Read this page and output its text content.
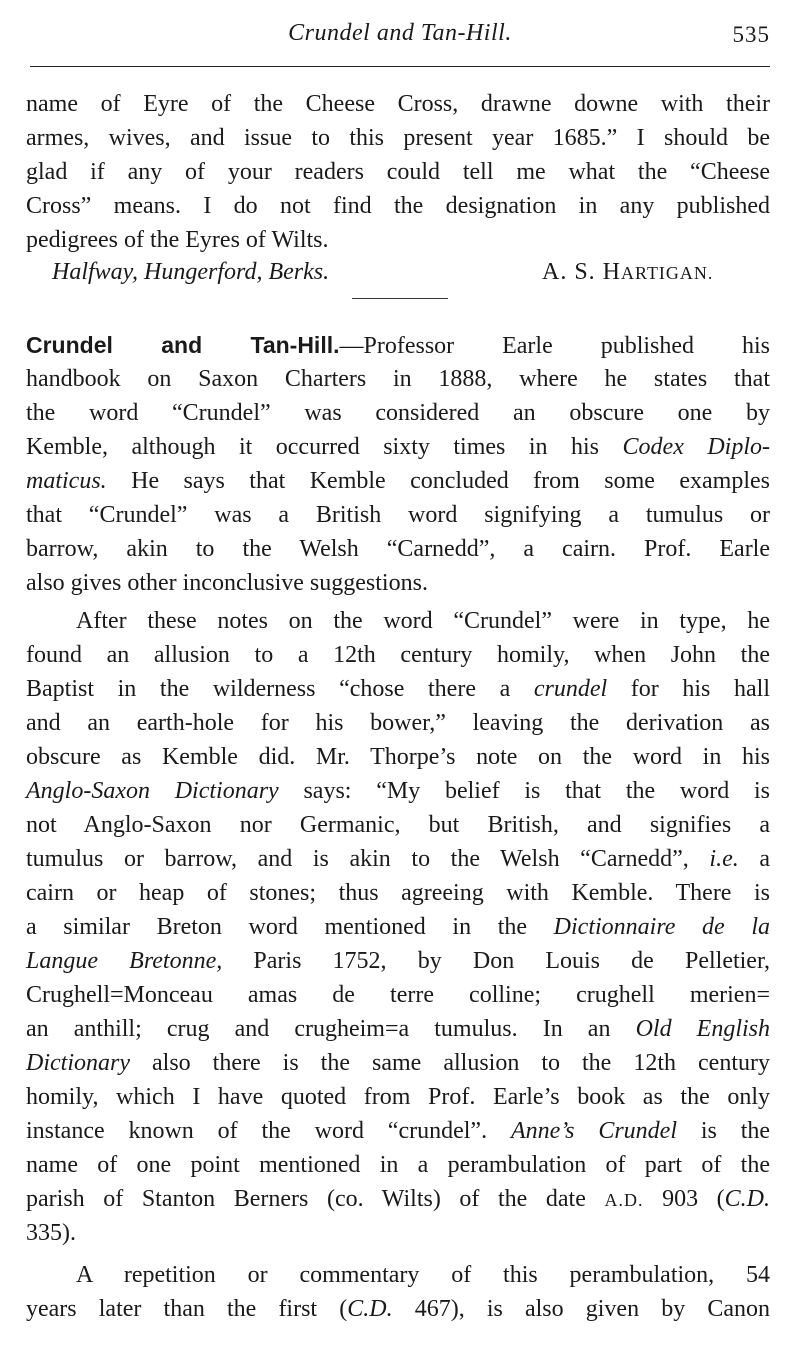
Crundel and Tan-Hill.	535
name of Eyre of the Cheese Cross, drawne downe with their
armes, wives, and issue to this present year 1685.” I should be
glad if any of your readers could tell me what the “Cheese
Cross” means. I do not find the designation in any published
pedigrees of the Eyres of Wilts.
Halfway, Hungerford, Berks.	A. S. HARTIGAN.
Crundel and Tan-Hill.—Professor Earle published his
handbook on Saxon Charters in 1888, where he states that
the word “Crundel” was considered an obscure one by
Kemble, although it occurred sixty times in his Codex Diplo-
maticus. He says that Kemble concluded from some examples
that “Crundel” was a British word signifying a tumulus or
barrow, akin to the Welsh “Carnedd”, a cairn. Prof. Earle
also gives other inconclusive suggestions.
After these notes on the word “Crundel” were in type, he
found an allusion to a 12th century homily, when John the
Baptist in the wilderness “chose there a crundel for his hall
and an earth-hole for his bower,” leaving the derivation as
obscure as Kemble did. Mr. Thorpe’s note on the word in his
Anglo-Saxon Dictionary says: “My belief is that the word is
not Anglo-Saxon nor Germanic, but British, and signifies a
tumulus or barrow, and is akin to the Welsh “Carnedd”, i.e. a
cairn or heap of stones; thus agreeing with Kemble. There is
a similar Breton word mentioned in the Dictionnaire de la
Langue Bretonne, Paris 1752, by Don Louis de Pelletier,
Crughell=Monceau amas de terre colline; crughell merien=
an anthill; crug and crugheim=a tumulus. In an Old English
Dictionary also there is the same allusion to the 12th century
homily, which I have quoted from Prof. Earle’s book as the only
instance known of the word “crundel”. Anne’s Crundel is the
name of one point mentioned in a perambulation of part of the
parish of Stanton Berners (co. Wilts) of the date A.D. 903 (C.D.
335).
A repetition or commentary of this perambulation, 54
years later than the first (C.D. 467), is also given by Canon
